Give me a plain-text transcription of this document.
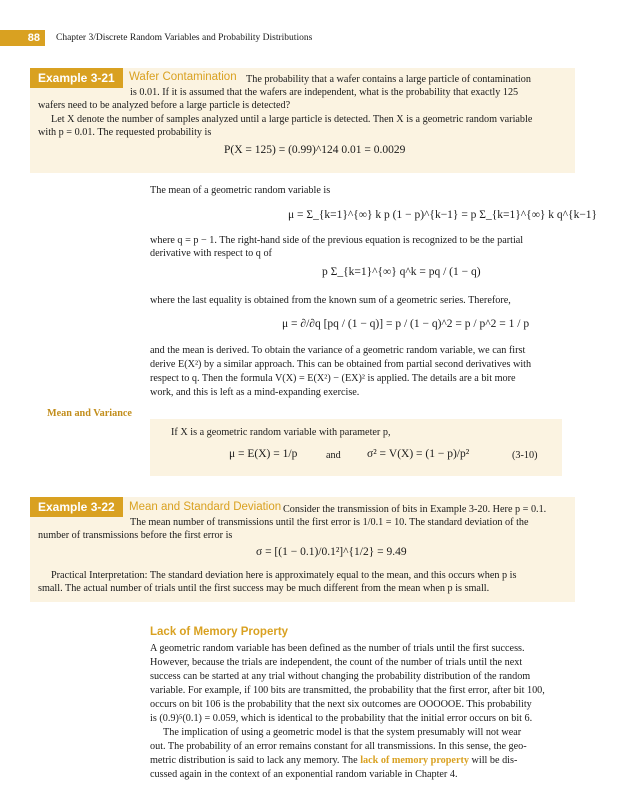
88	Chapter 3/Discrete Random Variables and Probability Distributions
Example 3-21	Wafer Contamination The probability that a wafer contains a large particle of contamination
is 0.01. If it is assumed that the wafers are independent, what is the probability that exactly 125
wafers need to be analyzed before a large particle is detected?
Let X denote the number of samples analyzed until a large particle is detected. Then X is a geometric random variable
with p = 0.01. The requested probability is
P(X = 125) = (0.99)^124 0.01 = 0.0029
The mean of a geometric random variable is
μ = Σ_{k=1}^{∞} k p (1 − p)^{k−1} = p Σ_{k=1}^{∞} k q^{k−1}
where q = p − 1. The right-hand side of the previous equation is recognized to be the partial
derivative with respect to q of
p Σ_{k=1}^{∞} q^k = pq / (1 − q)
where the last equality is obtained from the known sum of a geometric series. Therefore,
μ = ∂/∂q [pq / (1 − q)] = p / (1 − q)^2 = p / p^2 = 1 / p
and the mean is derived. To obtain the variance of a geometric random variable, we can first
derive E(X²) by a similar approach. This can be obtained from partial second derivatives with
respect to q. Then the formula V(X) = E(X²) − (EX)² is applied. The details are a bit more
work, and this is left as a mind-expanding exercise.
Mean and Variance
If X is a geometric random variable with parameter p,
μ = E(X) = 1/p	and σ² = V(X) = (1 − p)/p²	(3-10)
Example 3-22	Mean and Standard Deviation Consider the transmission of bits in Example 3-20. Here p = 0.1.
The mean number of transmissions until the first error is 1/0.1 = 10. The standard deviation of the
number of transmissions before the first error is
σ = [(1 − 0.1)/0.1²]^{1/2} = 9.49
Practical Interpretation: The standard deviation here is approximately equal to the mean, and this occurs when p is
small. The actual number of trials until the first success may be much different from the mean when p is small.
Lack of Memory Property
A geometric random variable has been defined as the number of trials until the first success.
However, because the trials are independent, the count of the number of trials until the next
success can be started at any trial without changing the probability distribution of the random
variable. For example, if 100 bits are transmitted, the probability that the first error, after bit 100,
occurs on bit 106 is the probability that the next six outcomes are OOOOOE. This probability
is (0.9)⁵(0.1) = 0.059, which is identical to the probability that the initial error occurs on bit 6.
The implication of using a geometric model is that the system presumably will not wear
out. The probability of an error remains constant for all transmissions. In this sense, the geo-
metric distribution is said to lack any memory. The lack of memory property will be dis-
cussed again in the context of an exponential random variable in Chapter 4.
